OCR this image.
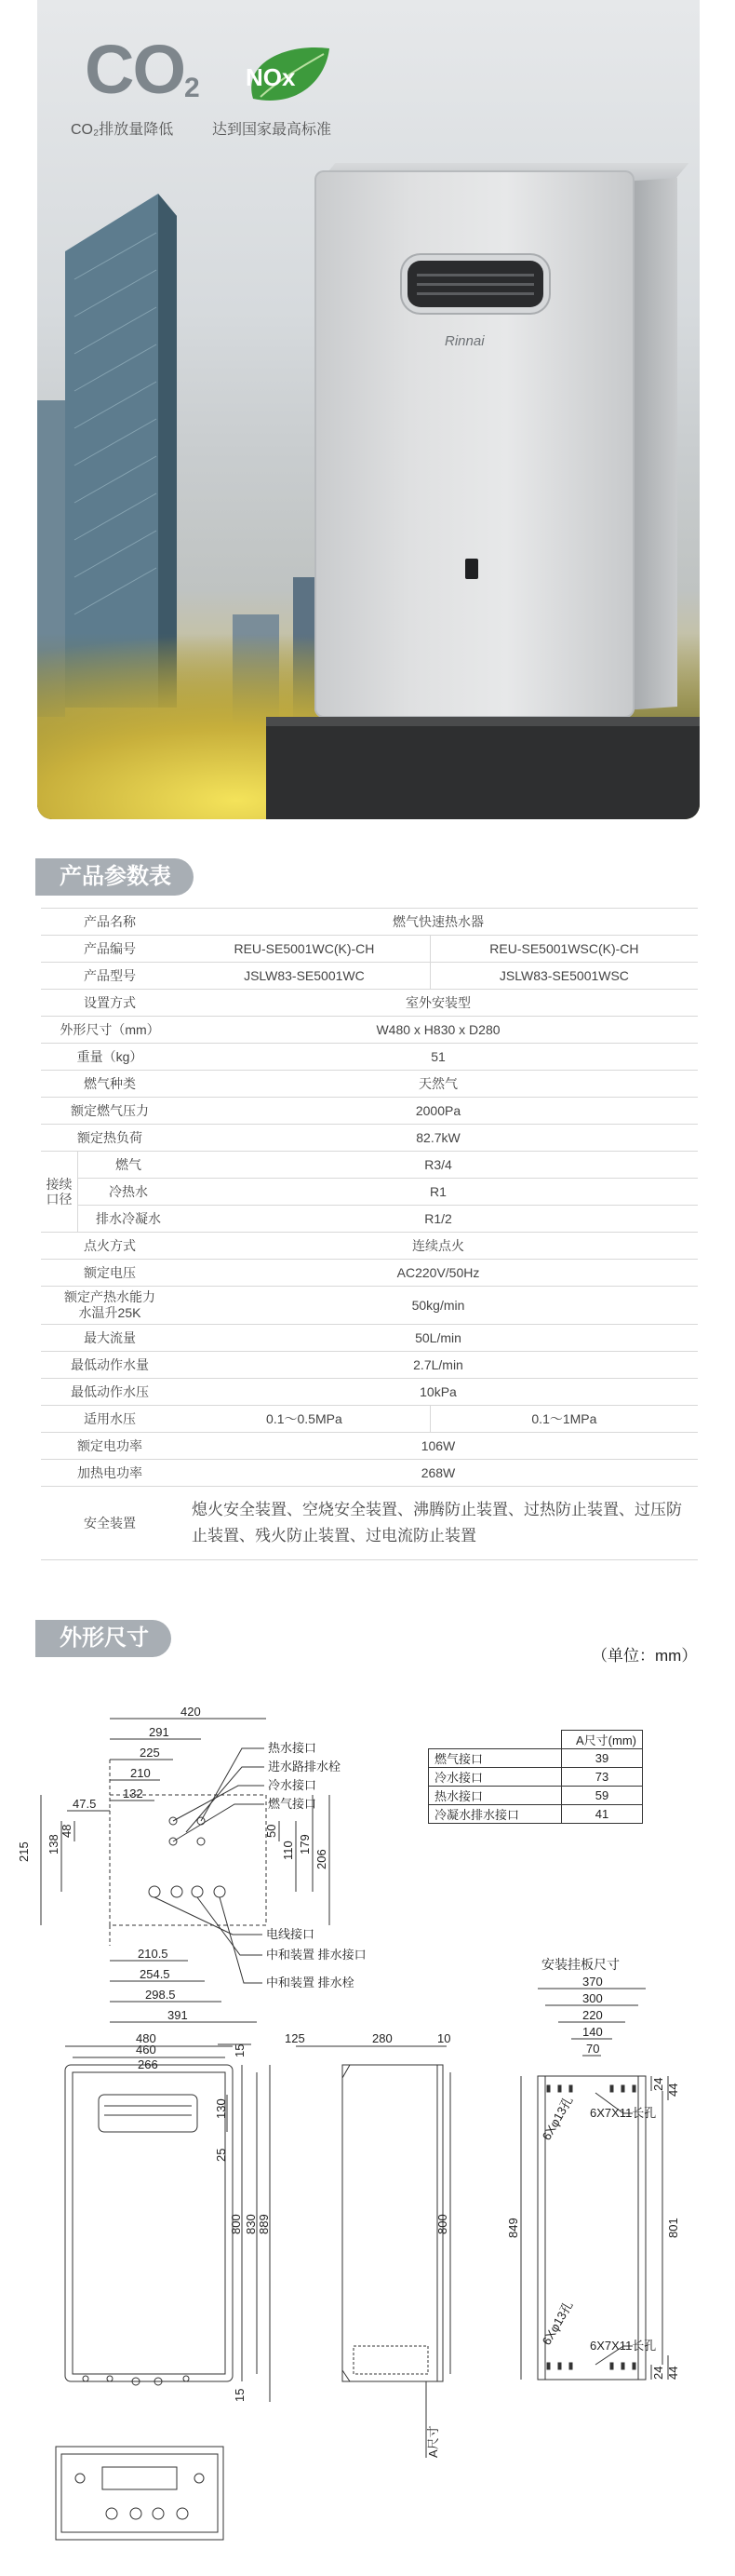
$CO_2$ NOx
CO₂排放量降低	达到国家最高标准
Rinnai
产品参数表
产品名称		燃气快速热水器	
产品编号		REU-SE5001WC(K)-CH	REU-SE5001WSC(K)-CH
产品型号		JSLW83-SE5001WC	JSLW83-SE5001WSC
设置方式		室外安装型	
外形尺寸（mm）		W480 x H830 x D280	
重量（kg）		51	
燃气种类		天然气	
额定燃气压力		2000Pa	
额定热负荷		82.7kW	
接续口径	燃气	R3/4	
	冷热水	R1	
	排水冷凝水	R1/2	
点火方式		连续点火	
额定电压		AC220V/50Hz	
额定产热水能力
水温升25K		50kg/min	
最大流量		50L/min	
最低动作水量		2.7L/min	
最低动作水压		10kPa	
适用水压		0.1～0.5MPa	0.1～1MPa
额定电功率		106W	
加热电功率		268W	
安全装置		熄火安全装置、空烧安全装置、沸腾防止装置、过热防止装置、过压防止装置、残火防止装置、过电流防止装置	
外形尺寸
（单位：mm）
	A尺寸(mm)
燃气接口	39
冷水接口	73
热水接口	59
冷凝水排水接口	41
安装挂板尺寸
420
291
225
210
132
47.5
热水接口
进水路排水栓
冷水接口
燃气接口
210.5
254.5
298.5
391
电线接口
中和装置 排水接口
中和装置 排水栓
215 138
48	50
110 179
206
480
460
266
15
130
25
800 830 889
15
125	280	10
800
A尺寸
370
300
220
140
70
24 44
849	801
24 44
6X7X11长孔
6X7X11长孔
6Xφ13孔
6Xφ13孔
